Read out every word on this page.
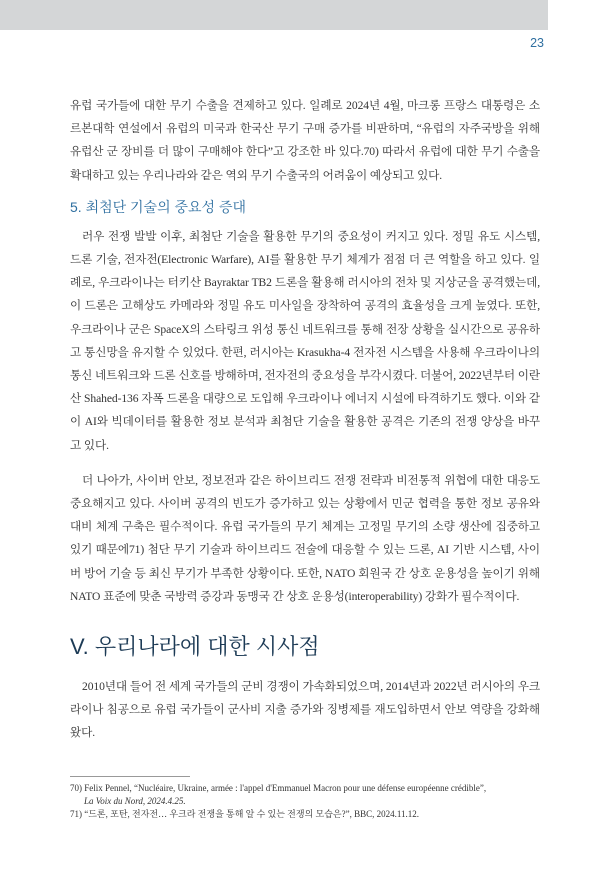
23

유럽 국가들에 대한 무기 수출을 견제하고 있다. 일례로 2024년 4월, 마크롱 프랑스 대통령은 소르본대학 연설에서 유럽의 미국과 한국산 무기 구매 증가를 비판하며, “유럽의 자주국방을 위해 유럽산 군 장비를 더 많이 구매해야 한다”고 강조한 바 있다.70) 따라서 유럽에 대한 무기 수출을 확대하고 있는 우리나라와 같은 역외 무기 수출국의 어려움이 예상되고 있다.

5. 최첨단 기술의 중요성 증대

러우 전쟁 발발 이후, 최첨단 기술을 활용한 무기의 중요성이 커지고 있다. 정밀 유도 시스템, 드론 기술, 전자전(Electronic Warfare), AI를 활용한 무기 체계가 점점 더 큰 역할을 하고 있다. 일례로, 우크라이나는 터키산 Bayraktar TB2 드론을 활용해 러시아의 전차 및 지상군을 공격했는데, 이 드론은 고해상도 카메라와 정밀 유도 미사일을 장착하여 공격의 효율성을 크게 높였다. 또한, 우크라이나 군은 SpaceX의 스타링크 위성 통신 네트워크를 통해 전장 상황을 실시간으로 공유하고 통신망을 유지할 수 있었다. 한편, 러시아는 Krasukha-4 전자전 시스템을 사용해 우크라이나의 통신 네트워크와 드론 신호를 방해하며, 전자전의 중요성을 부각시켰다. 더불어, 2022년부터 이란산 Shahed-136 자폭 드론을 대량으로 도입해 우크라이나 에너지 시설에 타격하기도 했다. 이와 같이 AI와 빅데이터를 활용한 정보 분석과 최첨단 기술을 활용한 공격은 기존의 전쟁 양상을 바꾸고 있다.

더 나아가, 사이버 안보, 정보전과 같은 하이브리드 전쟁 전략과 비전통적 위협에 대한 대응도 중요해지고 있다. 사이버 공격의 빈도가 증가하고 있는 상황에서 민군 협력을 통한 정보 공유와 대비 체계 구축은 필수적이다. 유럽 국가들의 무기 체계는 고정밀 무기의 소량 생산에 집중하고 있기 때문에71) 첨단 무기 기술과 하이브리드 전술에 대응할 수 있는 드론, AI 기반 시스템, 사이버 방어 기술 등 최신 무기가 부족한 상황이다. 또한, NATO 회원국 간 상호 운용성을 높이기 위해 NATO 표준에 맞춘 국방력 증강과 동맹국 간 상호 운용성(interoperability) 강화가 필수적이다.

V. 우리나라에 대한 시사점

2010년대 들어 전 세계 국가들의 군비 경쟁이 가속화되었으며, 2014년과 2022년 러시아의 우크라이나 침공으로 유럽 국가들이 군사비 지출 증가와 징병제를 재도입하면서 안보 역량을 강화해왔다.

70) Felix Pennel, “Nucléaire, Ukraine, armée : l'appel d'Emmanuel Macron pour une défense européenne crédible”,
La Voix du Nord, 2024.4.25.
71) “드론, 포탄, 전자전… 우크라 전쟁을 통해 알 수 있는 전쟁의 모습은?”, BBC, 2024.11.12.
